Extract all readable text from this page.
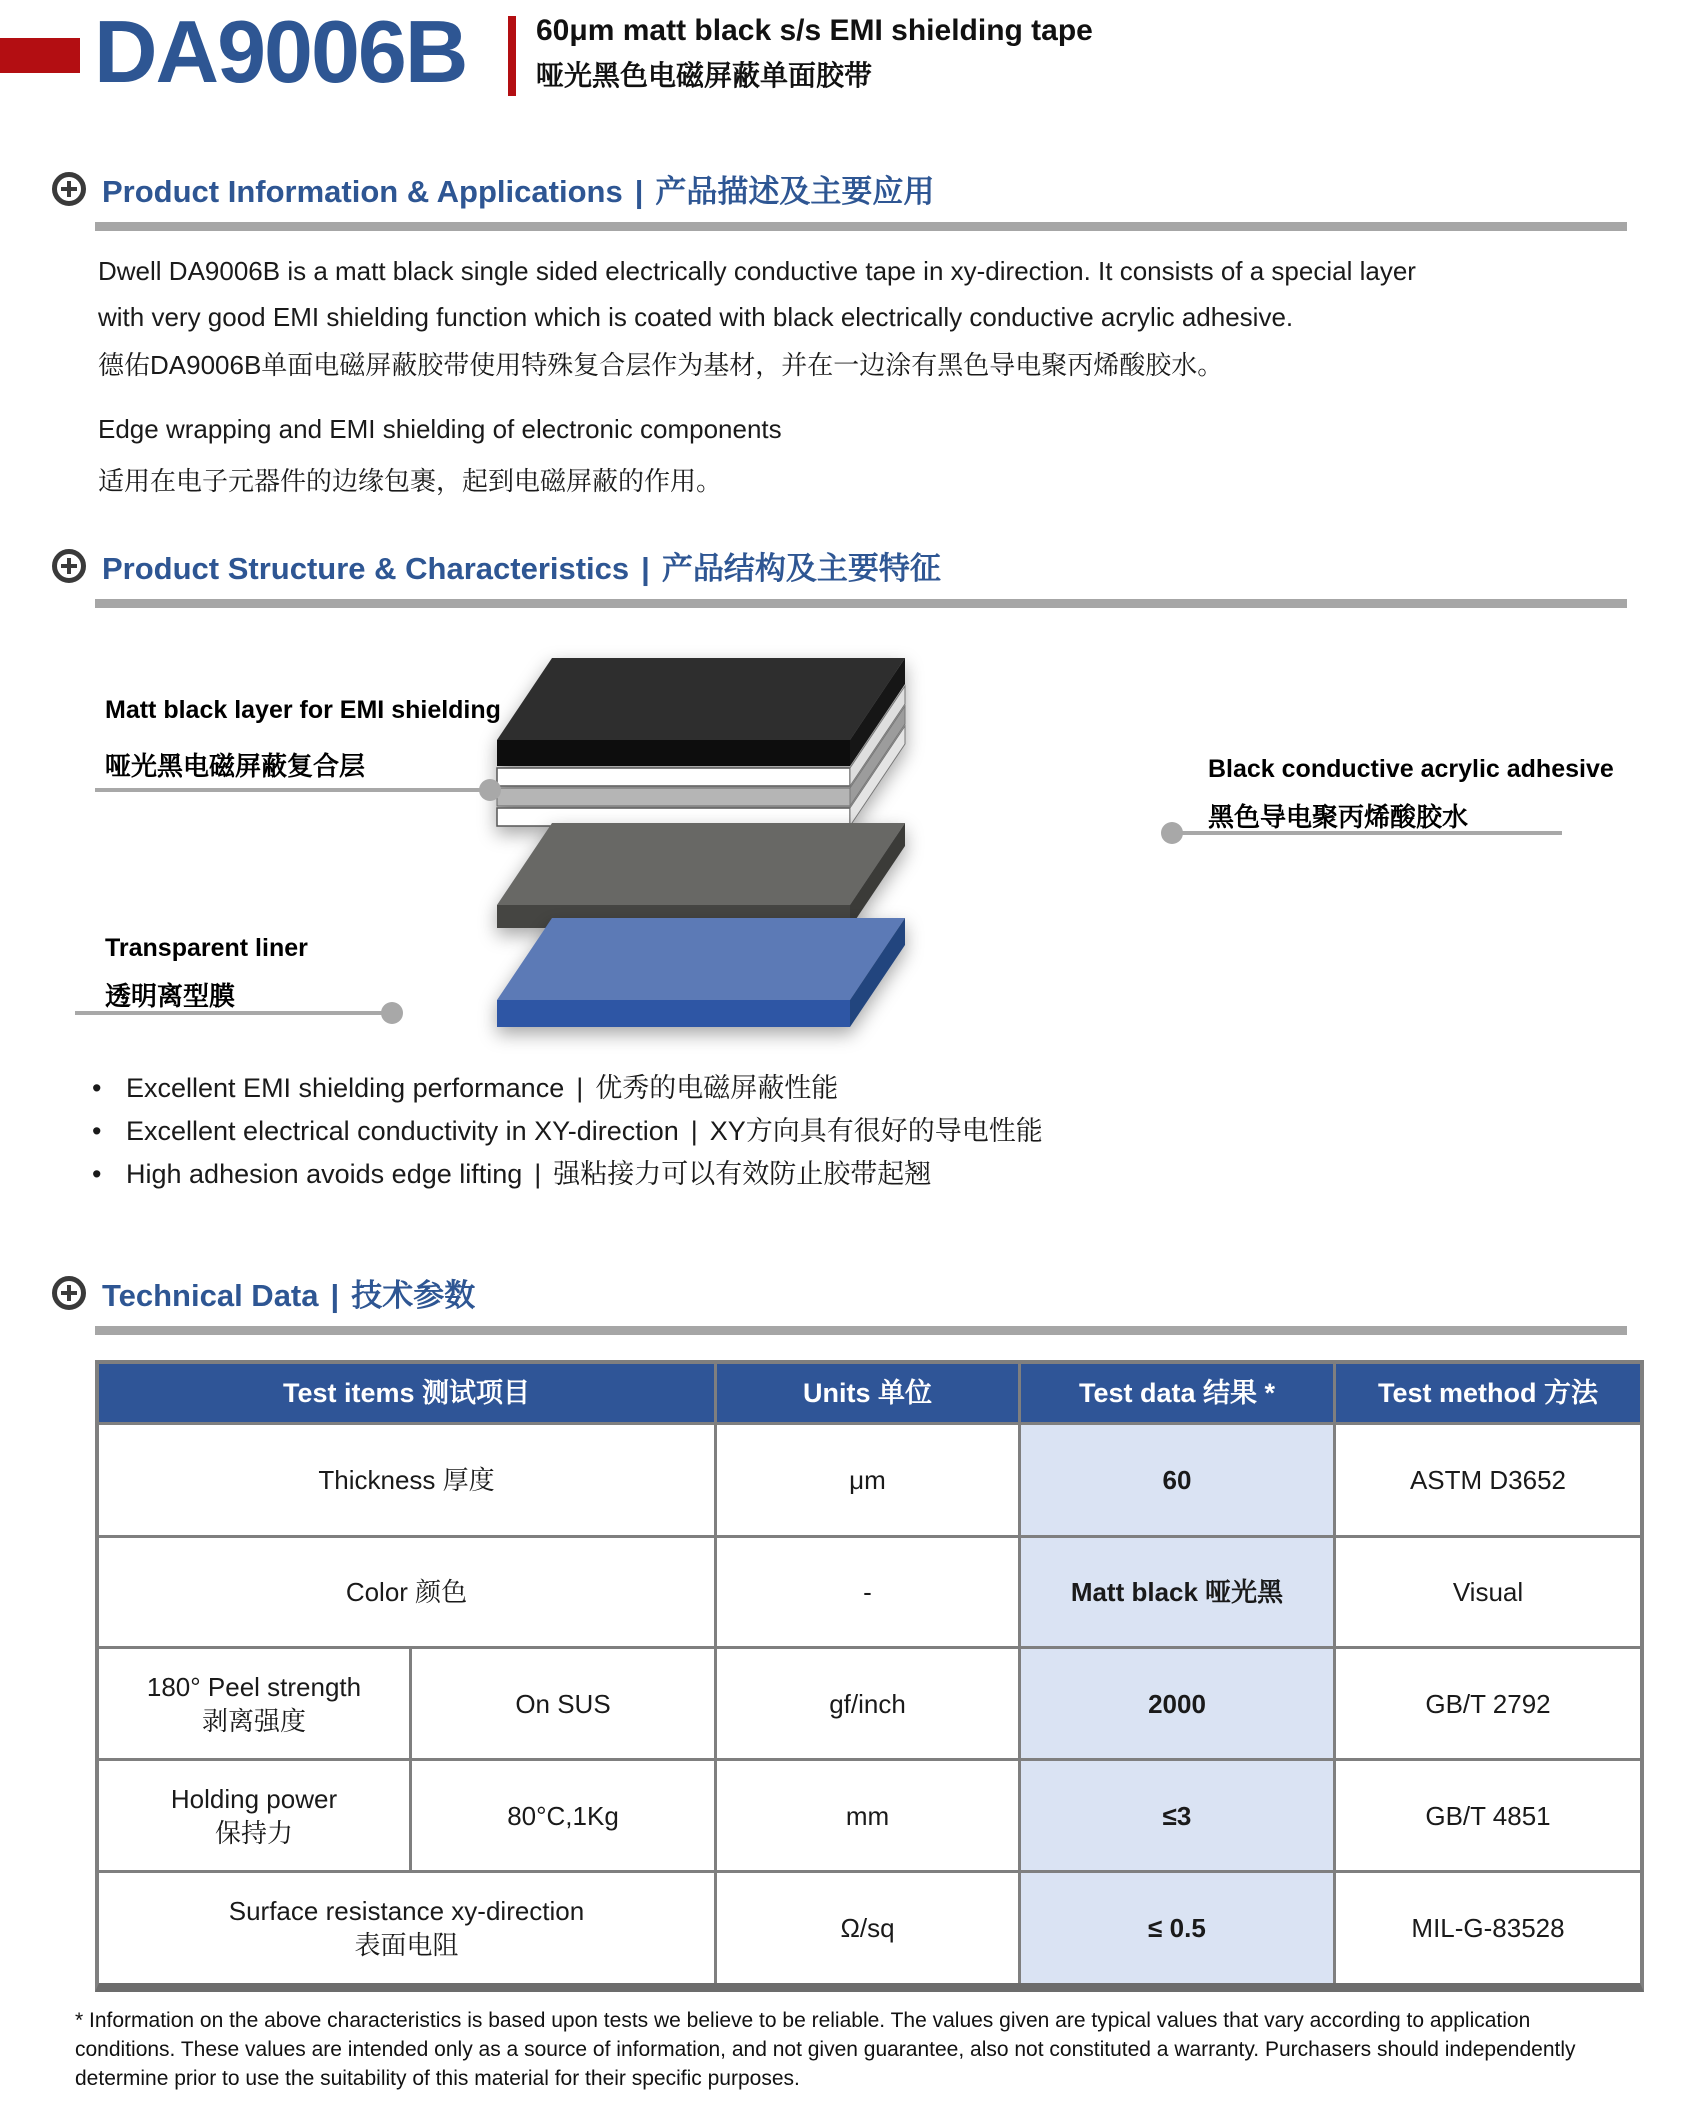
DA9006B 60μm matt black s/s EMI shielding tape
哑光黑色电磁屏蔽单面胶带
Product Information & Applications | 产品描述及主要应用
Dwell DA9006B is a matt black single sided electrically conductive tape in xy-direction. It consists of a special layer with very good EMI shielding function which is coated with black electrically conductive acrylic adhesive.
德佑DA9006B单面电磁屏蔽胶带使用特殊复合层作为基材，并在一边涂有黑色导电聚丙烯酸胶水。
Edge wrapping and EMI shielding of electronic components
适用在电子元器件的边缘包裹，起到电磁屏蔽的作用。
Product Structure & Characteristics | 产品结构及主要特征
Matt black layer for EMI shielding
哑光黑电磁屏蔽复合层
Transparent liner
透明离型膜
Black conductive acrylic adhesive
黑色导电聚丙烯酸胶水
• Excellent EMI shielding performance | 优秀的电磁屏蔽性能
• Excellent electrical conductivity in XY-direction | XY方向具有很好的导电性能
• High adhesion avoids edge lifting | 强粘接力可以有效防止胶带起翘
Technical Data | 技术参数
Test items 测试项目	Units 单位	Test data 结果 *	Test method 方法
Thickness 厚度	μm	60	ASTM D3652
Color 颜色	-	Matt black 哑光黑	Visual
180° Peel strength
剥离强度
On SUS	gf/inch	2000	GB/T 2792
Holding power
保持力
80°C,1Kg	mm	≤3	GB/T 4851
Surface resistance xy-direction
表面电阻
Ω/sq	≤ 0.5	MIL-G-83528
* Information on the above characteristics is based upon tests we believe to be reliable. The values given are typical values that vary according to application conditions. These values are intended only as a source of information, and not given guarantee, also not constituted a warranty. Purchasers should independently determine prior to use the suitability of this material for their specific purposes.
